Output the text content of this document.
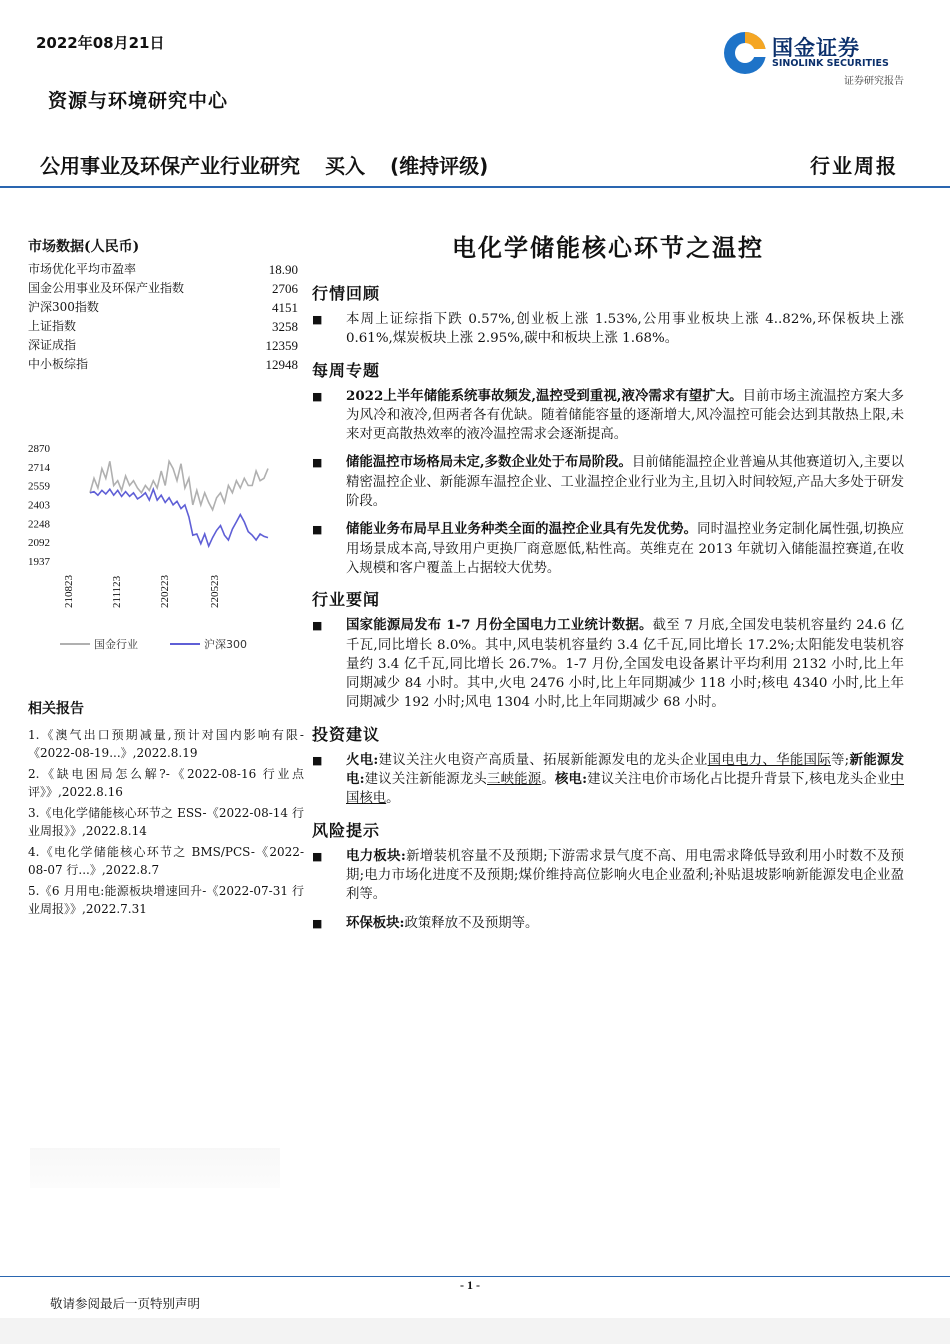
2022年08月21日
资源与环境研究中心
国金证券
SINOLINK SECURITIES
证券研究报告
公用事业及环保产业行业研究 买入 (维持评级)	行业周报
市场数据(人民币)
市场优化平均市盈率	18.90
国金公用事业及环保产业指数	2706
沪深300指数	4151
上证指数	3258
深证成指	12359
中小板综指	12948
2870
2714
2559
2403
2248
2092
1937
210823	211123	220223	220523
国金行业	沪深300
相关报告
1.《澳气出口预期减量,预计对国内影响有限-《2022-08-19...》,2022.8.19
2.《缺电困局怎么解?-《2022-08-16 行业点评》》,2022.8.16
3.《电化学储能核心环节之 ESS-《2022-08-14 行业周报》》,2022.8.14
4.《电化学储能核心环节之 BMS/PCS-《2022-08-07 行...》,2022.8.7
5.《6 月用电:能源板块增速回升-《2022-07-31 行业周报》》,2022.7.31
电化学储能核心环节之温控
行情回顾
■ 本周上证综指下跌 0.57%,创业板上涨 1.53%,公用事业板块上涨 4..82%,环保板块上涨 0.61%,煤炭板块上涨 2.95%,碳中和板块上涨 1.68%。
每周专题
■ 2022上半年储能系统事故频发,温控受到重视,液冷需求有望扩大。目前市场主流温控方案大多为风冷和液冷,但两者各有优缺。随着储能容量的逐渐增大,风冷温控可能会达到其散热上限,未来对更高散热效率的液冷温控需求会逐渐提高。
■ 储能温控市场格局未定,多数企业处于布局阶段。目前储能温控企业普遍从其他赛道切入,主要以精密温控企业、新能源车温控企业、工业温控企业行业为主,且切入时间较短,产品大多处于研发阶段。
■ 储能业务布局早且业务种类全面的温控企业具有先发优势。同时温控业务定制化属性强,切换应用场景成本高,导致用户更换厂商意愿低,粘性高。英维克在 2013 年就切入储能温控赛道,在收入规模和客户覆盖上占据较大优势。
行业要闻
■ 国家能源局发布 1-7 月份全国电力工业统计数据。截至 7 月底,全国发电装机容量约 24.6 亿千瓦,同比增长 8.0%。其中,风电装机容量约 3.4 亿千瓦,同比增长 17.2%;太阳能发电装机容量约 3.4 亿千瓦,同比增长 26.7%。1-7 月份,全国发电设备累计平均利用 2132 小时,比上年同期减少 84 小时。其中,火电 2476 小时,比上年同期减少 118 小时;核电 4340 小时,比上年同期减少 192 小时;风电 1304 小时,比上年同期减少 68 小时。
投资建议
■ 火电:建议关注火电资产高质量、拓展新能源发电的龙头企业国电电力、华能国际等;新能源发电:建议关注新能源龙头三峡能源。核电:建议关注电价市场化占比提升背景下,核电龙头企业中国核电。
风险提示
■ 电力板块:新增装机容量不及预期;下游需求景气度不高、用电需求降低导致利用小时数不及预期;电力市场化进度不及预期;煤价维持高位影响火电企业盈利;补贴退坡影响新能源发电企业盈利等。
■ 环保板块:政策释放不及预期等。
- 1 -
敬请参阅最后一页特别声明
